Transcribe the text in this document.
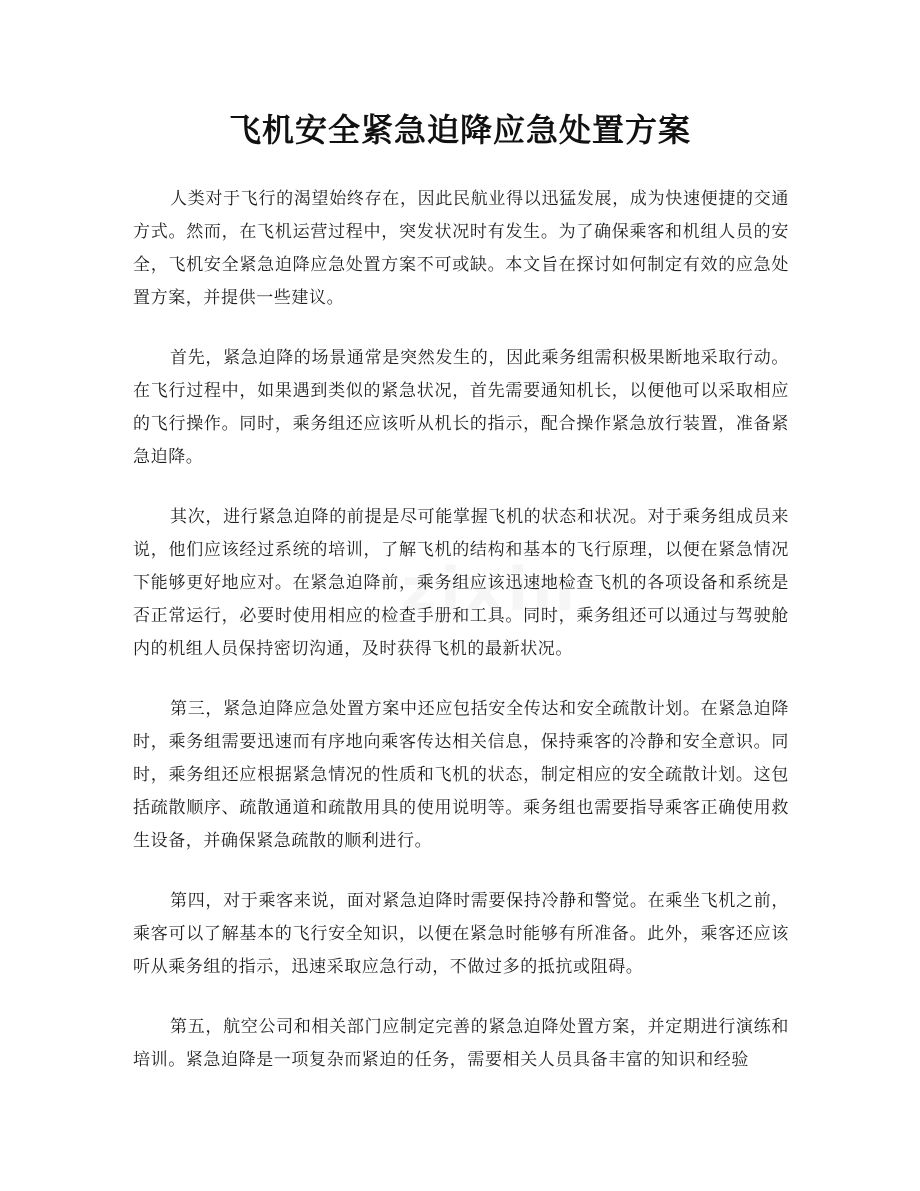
飞机安全紧急迫降应急处置方案

人类对于飞行的渴望始终存在，因此民航业得以迅猛发展，成为快速便捷的交通方式。然而，在飞机运营过程中，突发状况时有发生。为了确保乘客和机组人员的安全，飞机安全紧急迫降应急处置方案不可或缺。本文旨在探讨如何制定有效的应急处置方案，并提供一些建议。

首先，紧急迫降的场景通常是突然发生的，因此乘务组需积极果断地采取行动。在飞行过程中，如果遇到类似的紧急状况，首先需要通知机长，以便他可以采取相应的飞行操作。同时，乘务组还应该听从机长的指示，配合操作紧急放行装置，准备紧急迫降。

其次，进行紧急迫降的前提是尽可能掌握飞机的状态和状况。对于乘务组成员来说，他们应该经过系统的培训，了解飞机的结构和基本的飞行原理，以便在紧急情况下能够更好地应对。在紧急迫降前，乘务组应该迅速地检查飞机的各项设备和系统是否正常运行，必要时使用相应的检查手册和工具。同时，乘务组还可以通过与驾驶舱内的机组人员保持密切沟通，及时获得飞机的最新状况。

第三，紧急迫降应急处置方案中还应包括安全传达和安全疏散计划。在紧急迫降时，乘务组需要迅速而有序地向乘客传达相关信息，保持乘客的冷静和安全意识。同时，乘务组还应根据紧急情况的性质和飞机的状态，制定相应的安全疏散计划。这包括疏散顺序、疏散通道和疏散用具的使用说明等。乘务组也需要指导乘客正确使用救生设备，并确保紧急疏散的顺利进行。

第四，对于乘客来说，面对紧急迫降时需要保持冷静和警觉。在乘坐飞机之前，乘客可以了解基本的飞行安全知识，以便在紧急时能够有所准备。此外，乘客还应该听从乘务组的指示，迅速采取应急行动，不做过多的抵抗或阻碍。

第五，航空公司和相关部门应制定完善的紧急迫降处置方案，并定期进行演练和培训。紧急迫降是一项复杂而紧迫的任务，需要相关人员具备丰富的知识和经验
